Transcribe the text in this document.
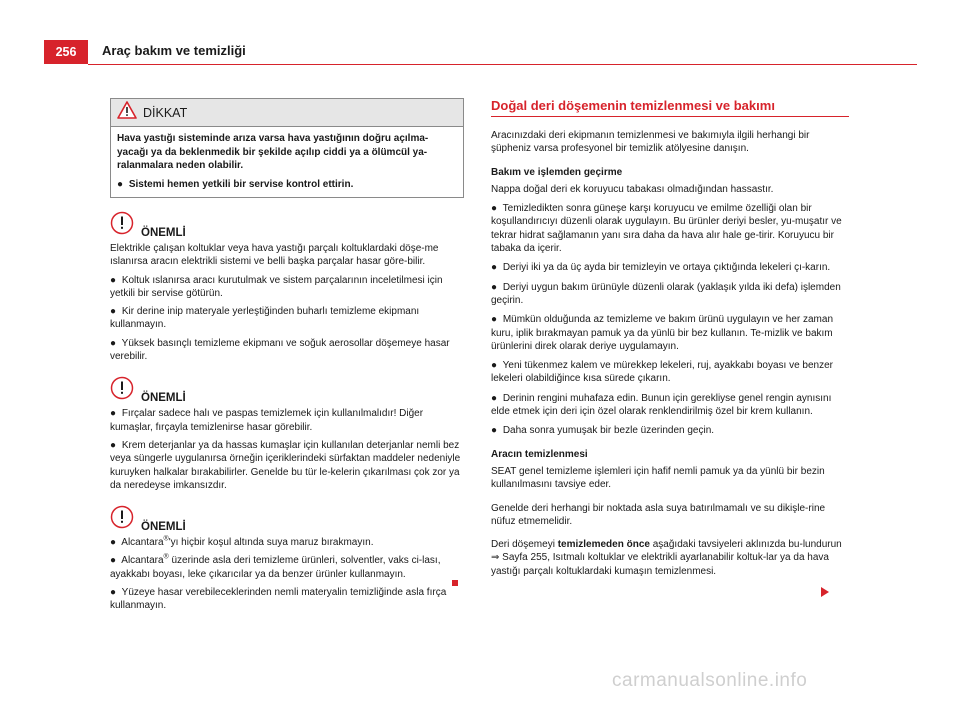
256	Araç bakım ve temizliği
DİKKAT

Hava yastığı sisteminde arıza varsa hava yastığının doğru açılma-yacağı ya da beklenmedik bir şekilde açılıp ciddi ya a ölümcül ya-ralanmalara neden olabilir.

● Sistemi hemen yetkili bir servise kontrol ettirin.

ÖNEMLİ

Elektrikle çalışan koltuklar veya hava yastığı parçalı koltuklardaki döşe-me ıslanırsa aracın elektrikli sistemi ve belli başka parçalar hasar göre-bilir.

● Koltuk ıslanırsa aracı kurutulmak ve sistem parçalarının inceletilmesi için yetkili bir servise götürün.

● Kir derine inip materyale yerleştiğinden buharlı temizleme ekipmanı kullanmayın.

● Yüksek basınçlı temizleme ekipmanı ve soğuk aerosollar döşemeye hasar verebilir.

ÖNEMLİ

● Fırçalar sadece halı ve paspas temizlemek için kullanılmalıdır! Diğer kumaşlar, fırçayla temizlenirse hasar görebilir.

● Krem deterjanlar ya da hassas kumaşlar için kullanılan deterjanlar nemli bez veya süngerle uygulanırsa örneğin içeriklerindeki sürfaktan maddeler nedeniyle kuruyken halkalar bırakabilirler. Genelde bu tür le-kelerin çıkarılması çok zor ya da neredeyse imkansızdır.

ÖNEMLİ

● Alcantara®'yı hiçbir koşul altında suya maruz bırakmayın.

● Alcantara® üzerinde asla deri temizleme ürünleri, solventler, vaks ci-lası, ayakkabı boyası, leke çıkarıcılar ya da benzer ürünler kullanmayın.

● Yüzeye hasar verebileceklerinden nemli materyalin temizliğinde asla fırça kullanmayın.

Doğal deri döşemenin temizlenmesi ve bakımı

Aracınızdaki deri ekipmanın temizlenmesi ve bakımıyla ilgili herhangi bir şüpheniz varsa profesyonel bir temizlik atölyesine danışın.

Bakım ve işlemden geçirme

Nappa doğal deri ek koruyucu tabakası olmadığından hassastır.

● Temizledikten sonra güneşe karşı koruyucu ve emilme özelliği olan bir koşullandırıcıyı düzenli olarak uygulayın. Bu ürünler deriyi besler, yu-muşatır ve tekrar hidrat sağlamanın yanı sıra daha da hava alır hale ge-tirir. Koruyucu bir tabaka da içerir.

● Deriyi iki ya da üç ayda bir temizleyin ve ortaya çıktığında lekeleri çı-karın.

● Deriyi uygun bakım ürünüyle düzenli olarak (yaklaşık yılda iki defa) işlemden geçirin.

● Mümkün olduğunda az temizleme ve bakım ürünü uygulayın ve her zaman kuru, iplik bırakmayan pamuk ya da yünlü bir bez kullanın. Te-mizlik ve bakım ürünlerini direk olarak deriye uygulamayın.

● Yeni tükenmez kalem ve mürekkep lekeleri, ruj, ayakkabı boyası ve benzer lekeleri olabildiğince kısa sürede çıkarın.

● Derinin rengini muhafaza edin. Bunun için gerekliyse genel rengin aynısını elde etmek için deri için özel olarak renklendirilmiş özel bir krem kullanın.

● Daha sonra yumuşak bir bezle üzerinden geçin.

Aracın temizlenmesi

SEAT genel temizleme işlemleri için hafif nemli pamuk ya da yünlü bir bezin kullanılmasını tavsiye eder.

Genelde deri herhangi bir noktada asla suya batırılmamalı ve su dikişle-rine nüfuz etmemelidir.

Deri döşemeyi temizlemeden önce aşağıdaki tavsiyeleri aklınızda bu-lundurun ⇒ Sayfa 255, Isıtmalı koltuklar ve elektrikli ayarlanabilir koltuk-lar ya da hava yastığı parçalı koltuklardaki kumaşın temizlenmesi.

carmanualsonline.info
